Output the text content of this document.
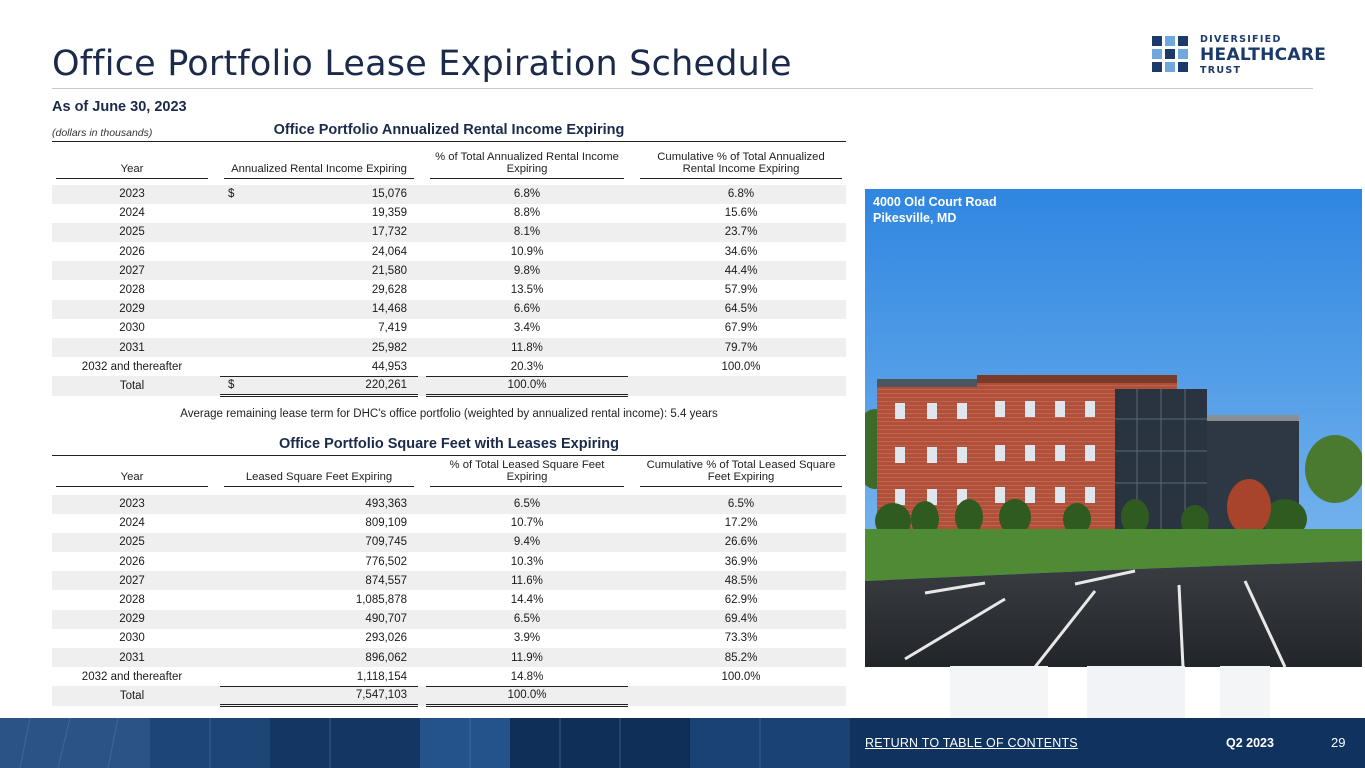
Office Portfolio Lease Expiration Schedule
DIVERSIFIED
HEALTHCARE
TRUST
As of June 30, 2023
(dollars in thousands)	Office Portfolio Annualized Rental Income Expiring
Year		Annualized Rental Income Expiring		% of Total Annualized Rental Income Expiring		Cumulative % of Total Annualized Rental Income Expiring

2023		$ 15,076		6.8%		6.8%
2024		19,359		8.8%		15.6%
2025		17,732		8.1%		23.7%
2026		24,064		10.9%		34.6%
2027		21,580		9.8%		44.4%
2028		29,628		13.5%		57.9%
2029		14,468		6.6%		64.5%
2030		7,419		3.4%		67.9%
2031		25,982		11.8%		79.7%
2032 and thereafter		44,953		20.3%		100.0%
Total		$ 220,261		100.0%		
Average remaining lease term for DHC's office portfolio (weighted by annualized rental income): 5.4 years
Office Portfolio Square Feet with Leases Expiring
Year		Leased Square Feet Expiring		% of Total Leased Square Feet Expiring		Cumulative % of Total Leased Square Feet Expiring

2023		493,363		6.5%		6.5%
2024		809,109		10.7%		17.2%
2025		709,745		9.4%		26.6%
2026		776,502		10.3%		36.9%
2027		874,557		11.6%		48.5%
2028		1,085,878		14.4%		62.9%
2029		490,707		6.5%		69.4%
2030		293,026		3.9%		73.3%
2031		896,062		11.9%		85.2%
2032 and thereafter		1,118,154		14.8%		100.0%
Total		7,547,103		100.0%		
4000 Old Court Road
Pikesville, MD
RETURN TO TABLE OF CONTENTS	Q2 2023	29
